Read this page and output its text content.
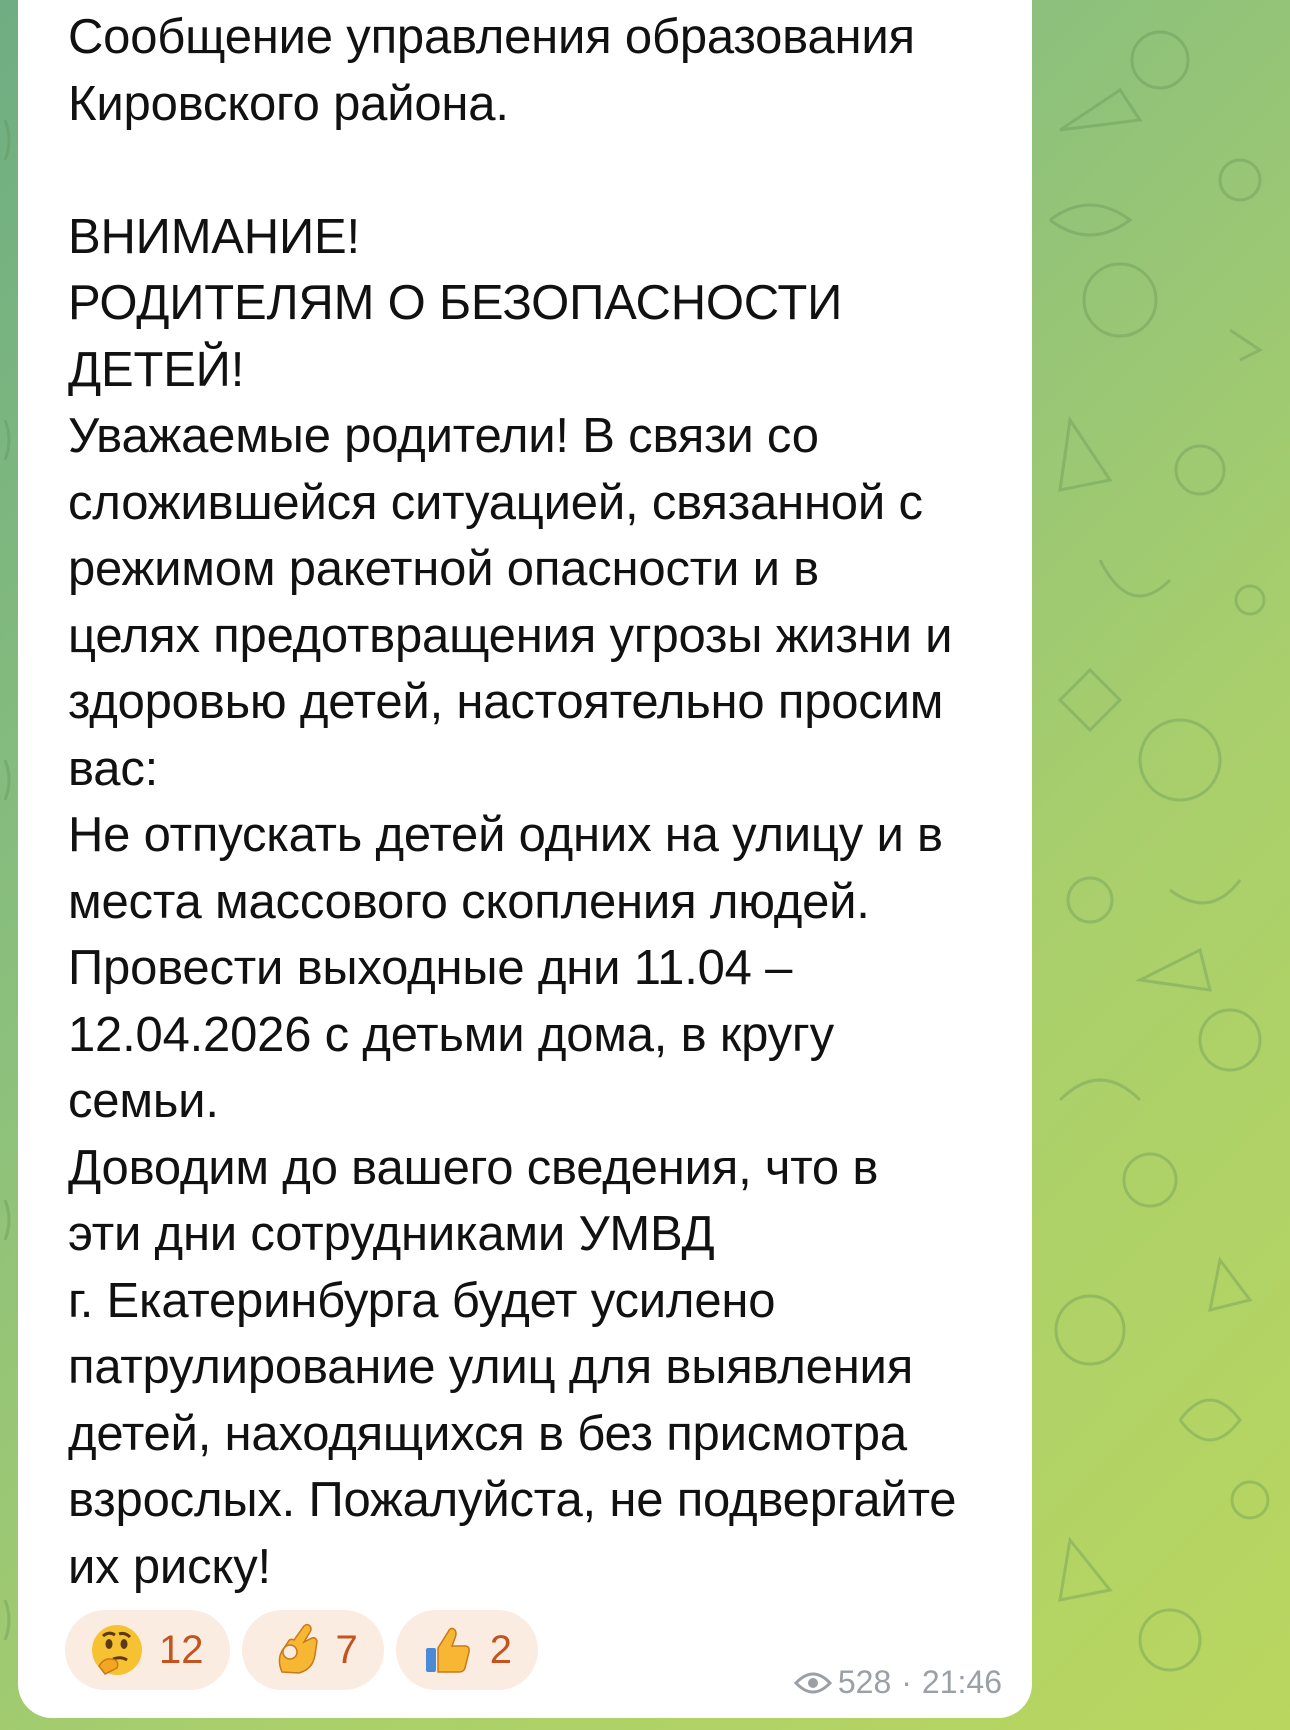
Сообщение управления образования
Кировского района.

ВНИМАНИЕ!
РОДИТЕЛЯМ О БЕЗОПАСНОСТИ
ДЕТЕЙ!
Уважаемые родители! В связи со
сложившейся ситуацией, связанной с
режимом ракетной опасности и в
целях предотвращения угрозы жизни и
здоровью детей, настоятельно просим
вас:
Не отпускать детей одних на улицу и в
места массового скопления людей.
Провести выходные дни 11.04 –
12.04.2026 с детьми дома, в кругу
семьи.
Доводим до вашего сведения, что в
эти дни сотрудниками УМВД
г. Екатеринбурга будет усилено
патрулирование улиц для выявления
детей, находящихся в без присмотра
взрослых. Пожалуйста, не подвергайте
их риску!
12	7	2
528 · 21:46
